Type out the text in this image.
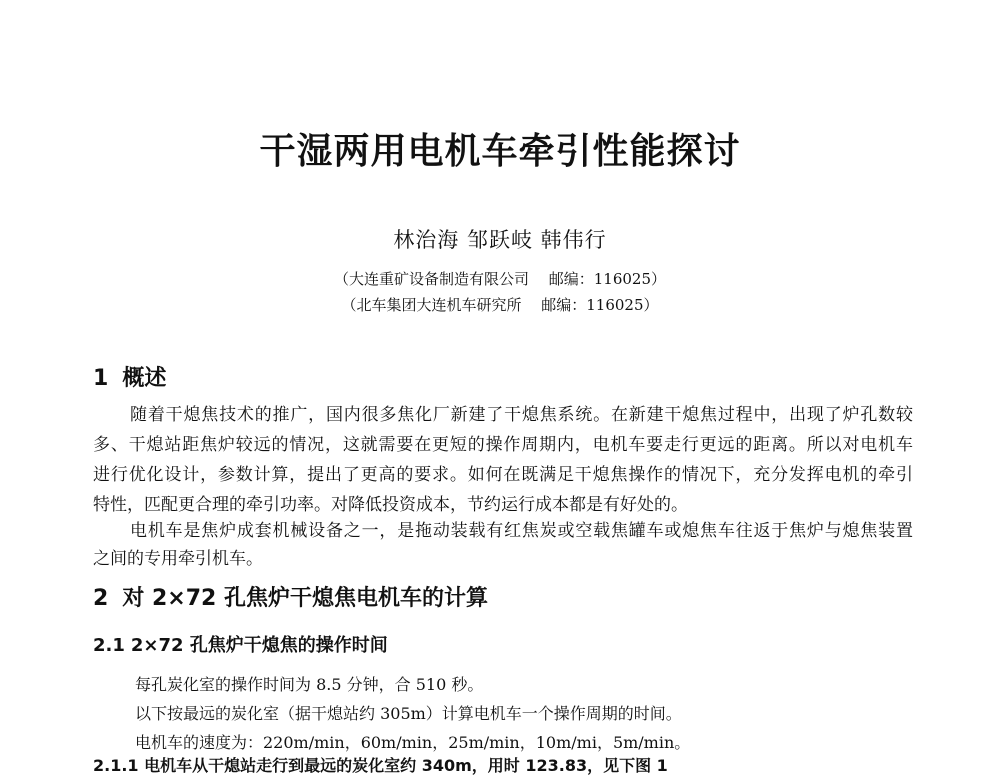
干湿两用电机车牵引性能探讨
林治海 邹跃岐 韩伟行
（大连重矿设备制造有限公司　 邮编：116025）
（北车集团大连机车研究所　 邮编：116025）
1 概述
随着干熄焦技术的推广，国内很多焦化厂新建了干熄焦系统。在新建干熄焦过程中，出现了炉孔数较
多、干熄站距焦炉较远的情况，这就需要在更短的操作周期内，电机车要走行更远的距离。所以对电机车
进行优化设计，参数计算，提出了更高的要求。如何在既满足干熄焦操作的情况下，充分发挥电机的牵引
特性，匹配更合理的牵引功率。对降低投资成本，节约运行成本都是有好处的。
电机车是焦炉成套机械设备之一，是拖动装载有红焦炭或空载焦罐车或熄焦车往返于焦炉与熄焦装置
之间的专用牵引机车。
2 对 2×72 孔焦炉干熄焦电机车的计算
2.1 2×72 孔焦炉干熄焦的操作时间
每孔炭化室的操作时间为 8.5 分钟，合 510 秒。
以下按最远的炭化室（据干熄站约 305m）计算电机车一个操作周期的时间。
电机车的速度为：220m/min，60m/min，25m/min，10m/mi，5m/min。
2.1.1 电机车从干熄站走行到最远的炭化室约 340m，用时 123.83，见下图 1
